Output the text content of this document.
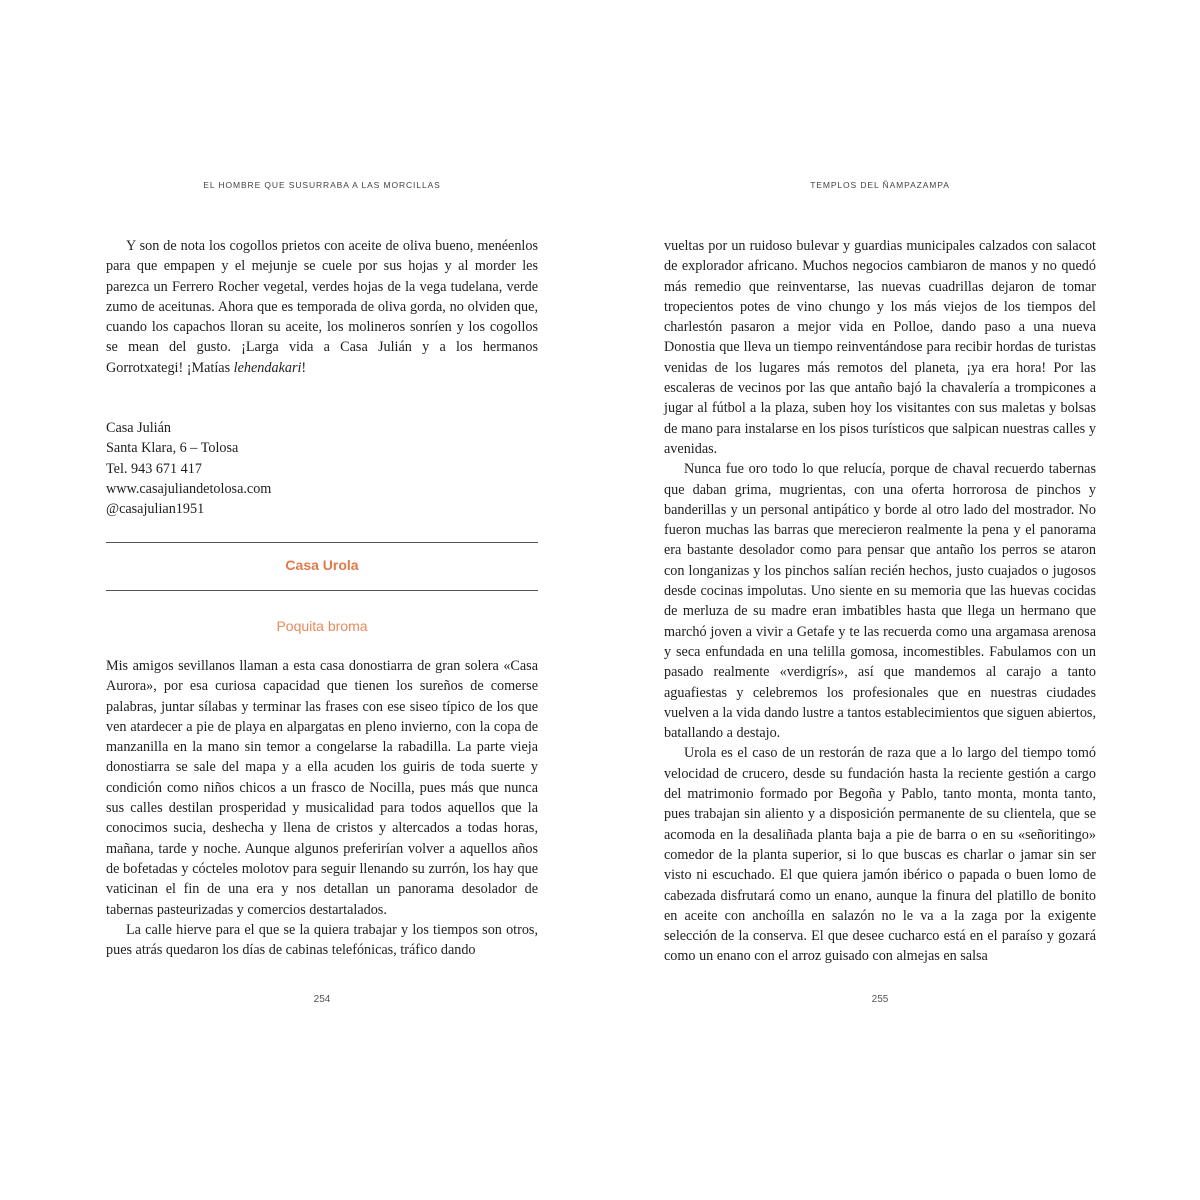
EL HOMBRE QUE SUSURRABA A LAS MORCILLAS

Y son de nota los cogollos prietos con aceite de oliva bueno, menéenlos para que empapen y el mejunje se cuele por sus hojas y al morder les parezca un Ferrero Rocher vegetal, verdes hojas de la vega tudelana, verde zumo de aceitunas. Ahora que es temporada de oliva gorda, no olviden que, cuando los capachos lloran su aceite, los molineros sonríen y los cogollos se mean del gusto. ¡Larga vida a Casa Julián y a los hermanos Gorrotxategi! ¡Matías lehendakari!

Casa Julián
Santa Klara, 6 – Tolosa
Tel. 943 671 417
www.casajuliandetolosa.com
@casajulian1951
Casa Urola
Poquita broma

Mis amigos sevillanos llaman a esta casa donostiarra de gran solera «Casa Aurora», por esa curiosa capacidad que tienen los sureños de comerse palabras, juntar sílabas y terminar las frases con ese siseo típico de los que ven atardecer a pie de playa en alpargatas en pleno invierno, con la copa de manzanilla en la mano sin temor a congelarse la rabadilla. La parte vieja donostiarra se sale del mapa y a ella acuden los guiris de toda suerte y condición como niños chicos a un frasco de Nocilla, pues más que nunca sus calles destilan prosperidad y musicalidad para todos aquellos que la conocimos sucia, deshecha y llena de cristos y altercados a todas horas, mañana, tarde y noche. Aunque algunos preferirían volver a aquellos años de bofetadas y cócteles molotov para seguir llenando su zurrón, los hay que vaticinan el fin de una era y nos detallan un panorama desolador de tabernas pasteurizadas y comercios destartalados.

La calle hierve para el que se la quiera trabajar y los tiempos son otros, pues atrás quedaron los días de cabinas telefónicas, tráfico dando

254
TEMPLOS DEL ÑAMPAZAMPA

vueltas por un ruidoso bulevar y guardias municipales calzados con salacot de explorador africano. Muchos negocios cambiaron de manos y no quedó más remedio que reinventarse, las nuevas cuadrillas dejaron de tomar tropecientos potes de vino chungo y los más viejos de los tiempos del charlestón pasaron a mejor vida en Polloe, dando paso a una nueva Donostia que lleva un tiempo reinventándose para recibir hordas de turistas venidas de los lugares más remotos del planeta, ¡ya era hora! Por las escaleras de vecinos por las que antaño bajó la chavalería a trompicones a jugar al fútbol a la plaza, suben hoy los visitantes con sus maletas y bolsas de mano para instalarse en los pisos turísticos que salpican nuestras calles y avenidas.

Nunca fue oro todo lo que relucía, porque de chaval recuerdo tabernas que daban grima, mugrientas, con una oferta horrorosa de pinchos y banderillas y un personal antipático y borde al otro lado del mostrador. No fueron muchas las barras que merecieron realmente la pena y el panorama era bastante desolador como para pensar que antaño los perros se ataron con longanizas y los pinchos salían recién hechos, justo cuajados o jugosos desde cocinas impolutas. Uno siente en su memoria que las huevas cocidas de merluza de su madre eran imbatibles hasta que llega un hermano que marchó joven a vivir a Getafe y te las recuerda como una argamasa arenosa y seca enfundada en una telilla gomosa, incomestibles. Fabulamos con un pasado realmente «verdigrís», así que mandemos al carajo a tanto aguafiestas y celebremos los profesionales que en nuestras ciudades vuelven a la vida dando lustre a tantos establecimientos que siguen abiertos, batallando a destajo.

Urola es el caso de un restorán de raza que a lo largo del tiempo tomó velocidad de crucero, desde su fundación hasta la reciente gestión a cargo del matrimonio formado por Begoña y Pablo, tanto monta, monta tanto, pues trabajan sin aliento y a disposición permanente de su clientela, que se acomoda en la desaliñada planta baja a pie de barra o en su «señoritingo» comedor de la planta superior, si lo que buscas es charlar o jamar sin ser visto ni escuchado. El que quiera jamón ibérico o papada o buen lomo de cabezada disfrutará como un enano, aunque la finura del platillo de bonito en aceite con anchoílla en salazón no le va a la zaga por la exigente selección de la conserva. El que desee cucharco está en el paraíso y gozará como un enano con el arroz guisado con almejas en salsa

255
